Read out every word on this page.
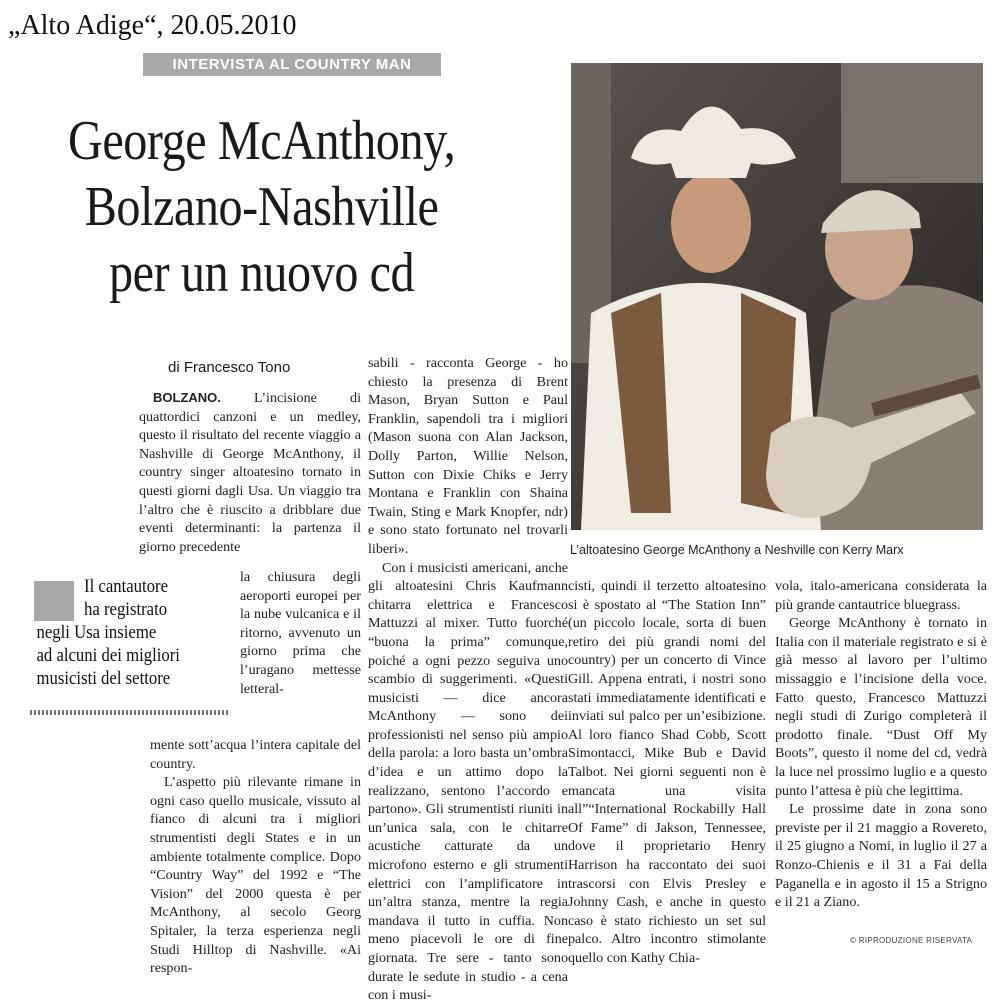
„Alto Adige“, 20.05.2010
INTERVISTA AL COUNTRY MAN
George McAnthony,
Bolzano-Nashville
per un nuovo cd
di Francesco Tono

BOLZANO. L’incisione di quattordici canzoni e un medley, questo il risultato del recente viaggio a Nashville di George McAnthony, il country singer altoatesino tornato in questi giorni dagli Usa. Un viaggio tra l’altro che è riuscito a dribblare due eventi determinanti: la partenza il giorno precedente

la chiusura degli aeroporti europei per la nube vulcanica e il ritorno, avvenuto un giorno prima che l’uragano mettesse letteral-

mente sott’acqua l’intera capitale del country.

L’aspetto più rilevante rimane in ogni caso quello musicale, vissuto al fianco di alcuni tra i migliori strumentisti degli States e in un ambiente totalmente complice. Dopo “Country Way” del 1992 e “The Vision” del 2000 questa è per McAnthony, al secolo Georg Spitaler, la terza esperienza negli Studi Hilltop di Nashville. «Ai respon-

Il cantautore
ha registrato
negli Usa insieme
ad alcuni dei migliori
musicisti del settore

sabili - racconta George - ho chiesto la presenza di Brent Mason, Bryan Sutton e Paul Franklin, sapendoli tra i migliori (Mason suona con Alan Jackson, Dolly Parton, Willie Nelson, Sutton con Dixie Chiks e Jerry Montana e Franklin con Shaina Twain, Sting e Mark Knopfer, ndr) e sono stato fortunato nel trovarli liberi».

Con i musicisti americani, anche gli altoatesini Chris Kaufmann chitarra elettrica e Francesco Mattuzzi al mixer. Tutto fuorché “buona la prima” comunque, poiché a ogni pezzo seguiva uno scambio di suggerimenti. «Questi musicisti — dice ancora McAnthony — sono dei professionisti nel senso più ampio della parola: a loro basta un’ombra d’idea e un attimo dopo la realizzano, sentono l’accordo e partono». Gli strumentisti riuniti in un’unica sala, con le chitarre acustiche catturate da un microfono esterno e gli strumenti elettrici con l’amplificatore in un’altra stanza, mentre la regia mandava il tutto in cuffia. Non meno piacevoli le ore di fine giornata. Tre sere - tanto sono durate le sedute in studio - a cena con i musi-

L’altoatesino George McAnthony a Neshville con Kerry Marx

cisti, quindi il terzetto altoatesino si è spostato al “The Station Inn” (un piccolo locale, sorta di buen retiro dei più grandi nomi del country) per un concerto di Vince Gill. Appena entrati, i nostri sono stati immediatamente identificati e inviati sul palco per un’esibizione. Al loro fianco Shad Cobb, Scott Simontacci, Mike Bub e David Talbot. Nei giorni seguenti non è mancata una visita all”“International Rockabilly Hall Of Fame” di Jakson, Tennessee, dove il proprietario Henry Harrison ha raccontato dei suoi trascorsi con Elvis Presley e Johnny Cash, e anche in questo caso è stato richiesto un set sul palco. Altro incontro stimolante quello con Kathy Chia-

vola, italo-americana considerata la più grande cantautrice bluegrass.

George McAnthony è tornato in Italia con il materiale registrato e si è già messo al lavoro per l’ultimo missaggio e l’incisione della voce. Fatto questo, Francesco Mattuzzi negli studi di Zurigo completerà il prodotto finale. “Dust Off My Boots”, questo il nome del cd, vedrà la luce nel prossimo luglio e a questo punto l’attesa è più che legittima.

Le prossime date in zona sono previste per il 21 maggio a Rovereto, il 25 giugno a Nomi, in luglio il 27 a Ronzo-Chienis e il 31 a Fai della Paganella e in agosto il 15 a Strigno e il 21 a Ziano.

© RIPRODUZIONE RISERVATA
